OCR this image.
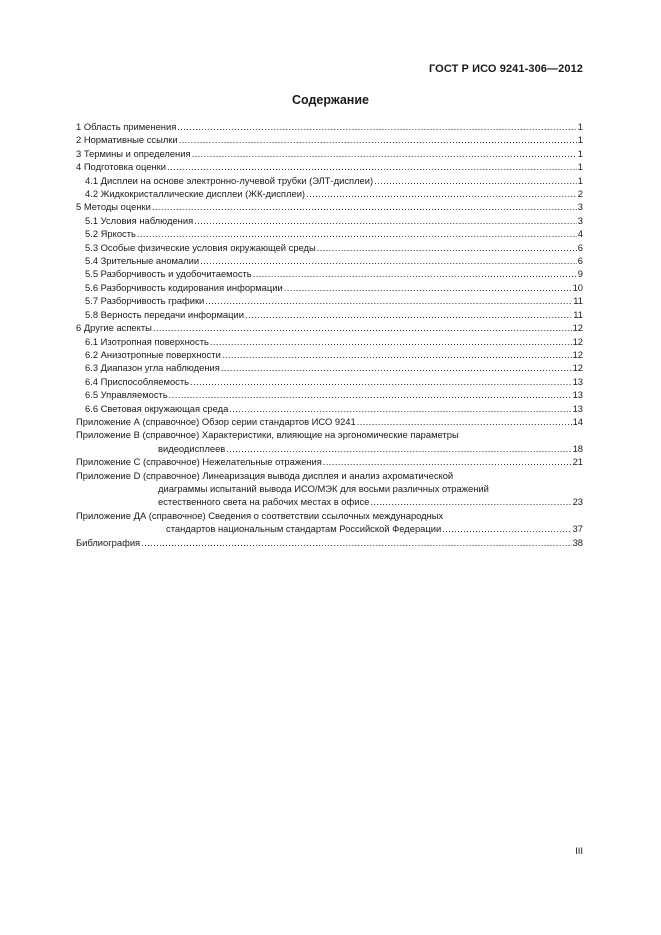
ГОСТ Р ИСО 9241-306—2012
Содержание
1 Область применения .....	1
2 Нормативные ссылки .....	1
3 Термины и определения .....	1
4 Подготовка оценки .....	1
4.1 Дисплеи на основе электронно-лучевой трубки (ЭЛТ-дисплеи) .....	1
4.2 Жидкокристаллические дисплеи (ЖК-дисплеи) .....	2
5 Методы оценки .....	3
5.1 Условия наблюдения .....	3
5.2 Яркость .....	4
5.3 Особые физические условия окружающей среды .....	6
5.4 Зрительные аномалии .....	6
5.5 Разборчивость и удобочитаемость .....	9
5.6 Разборчивость кодирования информации .....	10
5.7 Разборчивость графики .....	11
5.8 Верность передачи информации .....	11
6 Другие аспекты .....	12
6.1 Изотропная поверхность .....	12
6.2 Анизотропные поверхности .....	12
6.3 Диапазон угла наблюдения .....	12
6.4 Приспособляемость .....	13
6.5 Управляемость .....	13
6.6 Световая окружающая среда .....	13
Приложение А (справочное) Обзор серии стандартов ИСО 9241 .....	14
Приложение В (справочное) Характеристики, влияющие на эргономические параметры
видеодисплеев .....	18
Приложение С (справочное) Нежелательные отражения .....	21
Приложение D (справочное) Линеаризация вывода дисплея и анализ ахроматической
диаграммы испытаний вывода ИСО/МЭК для восьми различных отражений
естественного света на рабочих местах в офисе .....	23
Приложение ДА (справочное) Сведения о соответствии ссылочных международных
стандартов национальным стандартам Российской Федерации .....	37
Библиография .....	38
III
